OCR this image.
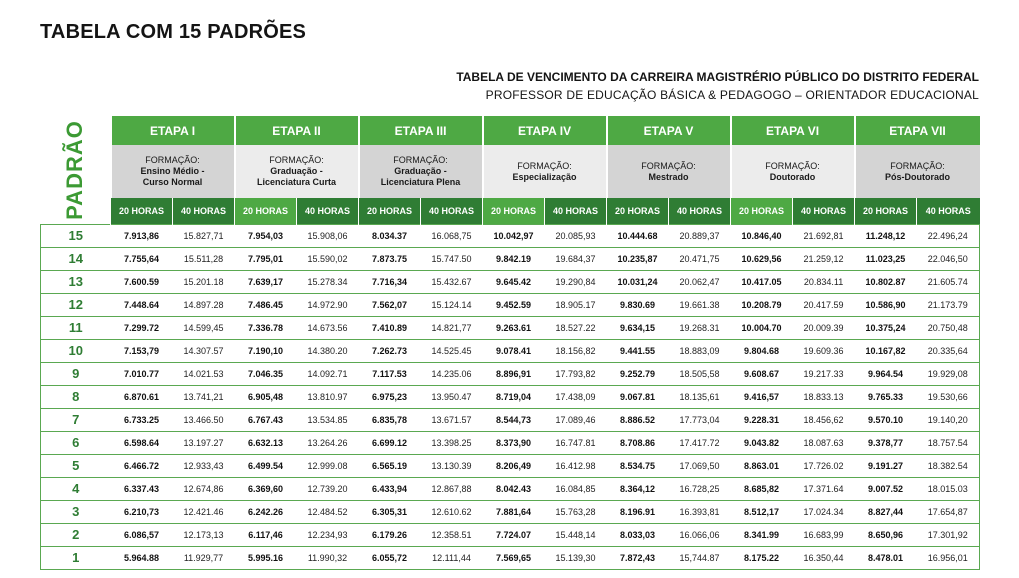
TABELA COM 15 PADRÕES
TABELA DE VENCIMENTO DA CARREIRA MAGISTRÉRIO PÚBLICO DO DISTRITO FEDERAL
PROFESSOR DE EDUCAÇÃO BÁSICA & PEDAGOGO – ORIENTADOR EDUCACIONAL
	ETAPA I		ETAPA II		ETAPA III		ETAPA IV		ETAPA V		ETAPA VI		ETAPA VII	

	FORMAÇÃO:
Ensino Médio -
Curso Normal		FORMAÇÃO:
Graduação -
Licenciatura Curta		FORMAÇÃO:
Graduação -
Licenciatura Plena		FORMAÇÃO:
Especialização		FORMAÇÃO:
Mestrado		FORMAÇÃO:
Doutorado		FORMAÇÃO:
Pós-Doutorado	

	20 HORAS	40 HORAS	20 HORAS	40 HORAS	20 HORAS	40 HORAS	20 HORAS	40 HORAS	20 HORAS	40 HORAS	20 HORAS	40 HORAS	20 HORAS	40 HORAS
15	7.913,86	15.827,71	7.954,03	15.908,06	8.034.37	16.068,75	10.042,97	20.085,93	10.444.68	20.889,37	10.846,40	21.692,81	11.248,12	22.496,24
14	7.755,64	15.511,28	7.795,01	15.590,02	7.873.75	15.747.50	9.842.19	19.684,37	10.235,87	20.471,75	10.629,56	21.259,12	11.023,25	22.046,50
13	7.600.59	15.201.18	7.639,17	15.278.34	7.716,34	15.432.67	9.645.42	19.290,84	10.031,24	20.062,47	10.417.05	20.834.11	10.802.87	21.605.74
12	7.448.64	14.897.28	7.486.45	14.972.90	7.562,07	15.124.14	9.452.59	18.905.17	9.830.69	19.661.38	10.208.79	20.417.59	10.586,90	21.173.79
11	7.299.72	14.599,45	7.336.78	14.673.56	7.410.89	14.821,77	9.263.61	18.527.22	9.634,15	19.268.31	10.004.70	20.009.39	10.375,24	20.750,48
10	7.153,79	14.307.57	7.190,10	14.380.20	7.262.73	14.525.45	9.078.41	18.156,82	9.441.55	18.883,09	9.804.68	19.609.36	10.167,82	20.335,64
9	7.010.77	14.021.53	7.046.35	14.092.71	7.117.53	14.235.06	8.896,91	17.793,82	9.252.79	18.505,58	9.608.67	19.217.33	9.964.54	19.929,08
8	6.870.61	13.741,21	6.905,48	13.810.97	6.975,23	13.950.47	8.719,04	17.438,09	9.067.81	18.135,61	9.416,57	18.833.13	9.765.33	19.530,66
7	6.733.25	13.466.50	6.767.43	13.534.85	6.835,78	13.671.57	8.544,73	17.089,46	8.886.52	17.773,04	9.228.31	18.456,62	9.570.10	19.140,20
6	6.598.64	13.197.27	6.632.13	13.264.26	6.699.12	13.398.25	8.373,90	16.747.81	8.708.86	17.417.72	9.043.82	18.087.63	9.378,77	18.757.54
5	6.466.72	12.933,43	6.499.54	12.999.08	6.565.19	13.130.39	8.206,49	16.412.98	8.534.75	17.069,50	8.863.01	17.726.02	9.191.27	18.382.54
4	6.337.43	12.674,86	6.369,60	12.739.20	6.433,94	12.867,88	8.042.43	16.084,85	8.364,12	16.728,25	8.685,82	17.371.64	9.007.52	18.015.03
3	6.210,73	12.421.46	6.242.26	12.484.52	6.305,31	12.610.62	7.881,64	15.763,28	8.196.91	16.393,81	8.512,17	17.024.34	8.827,44	17.654,87
2	6.086,57	12.173,13	6.117,46	12.234,93	6.179.26	12.358.51	7.724.07	15.448,14	8.033,03	16.066,06	8.341.99	16.683,99	8.650,96	17.301,92
1	5.964.88	11.929,77	5.995.16	11.990,32	6.055,72	12.111,44	7.569,65	15.139,30	7.872,43	15,744.87	8.175.22	16.350,44	8.478.01	16.956,01
PADRÃO
